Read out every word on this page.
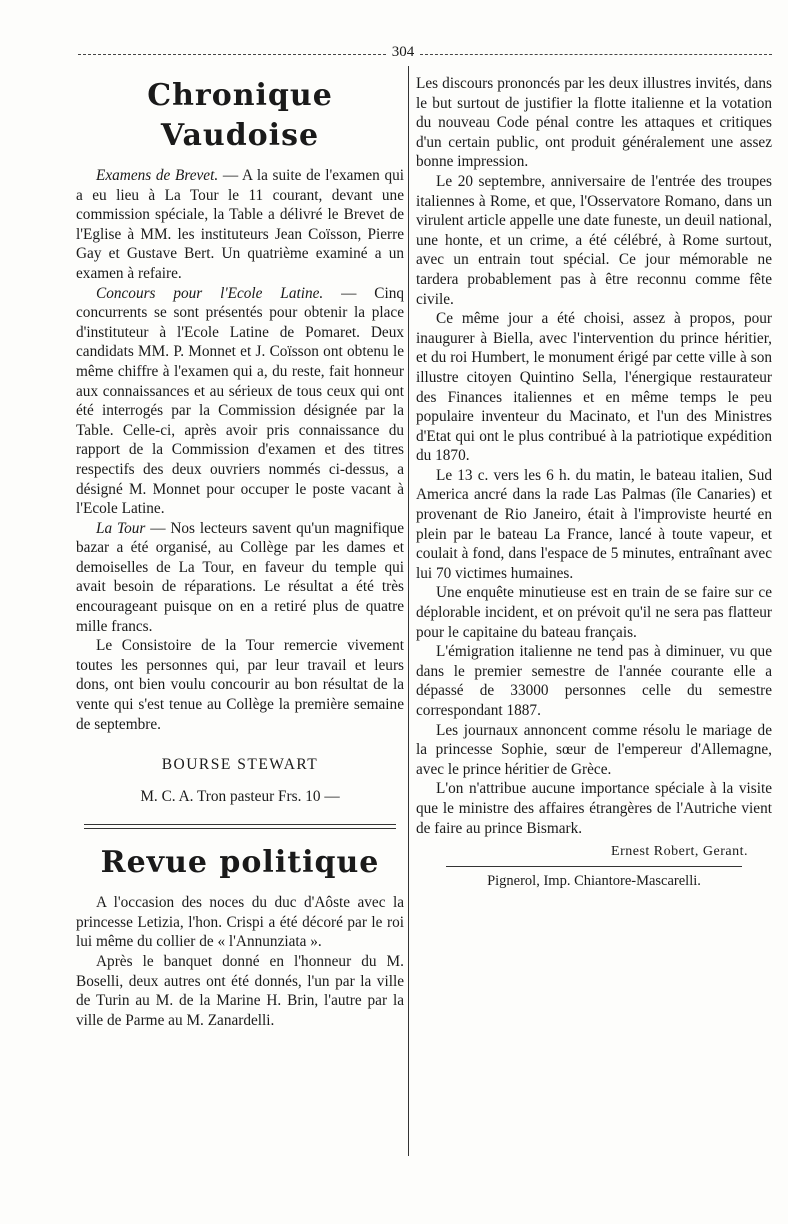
304
Chronique Vaudoise

Examens de Brevet. — A la suite de l'examen qui a eu lieu à La Tour le 11 courant, devant une commission spéciale, la Table a délivré le Brevet de l'Eglise à MM. les instituteurs Jean Coïsson, Pierre Gay et Gustave Bert. Un quatrième examiné a un examen à refaire.

Concours pour l'Ecole Latine. — Cinq concurrents se sont présentés pour obtenir la place d'instituteur à l'Ecole Latine de Pomaret. Deux candidats MM. P. Monnet et J. Coïsson ont obtenu le même chiffre à l'examen qui a, du reste, fait honneur aux connaissances et au sérieux de tous ceux qui ont été interrogés par la Commission désignée par la Table. Celle-ci, après avoir pris connaissance du rapport de la Commission d'examen et des titres respectifs des deux ouvriers nommés ci-dessus, a désigné M. Monnet pour occuper le poste vacant à l'Ecole Latine.

La Tour — Nos lecteurs savent qu'un magnifique bazar a été organisé, au Collège par les dames et demoiselles de La Tour, en faveur du temple qui avait besoin de réparations. Le résultat a été très encourageant puisque on en a retiré plus de quatre mille francs.

Le Consistoire de la Tour remercie vivement toutes les personnes qui, par leur travail et leurs dons, ont bien voulu concourir au bon résultat de la vente qui s'est tenue au Collège la première semaine de septembre.

BOURSE STEWART
M. C. A. Tron pasteur Frs. 10 —
Revue politique

A l'occasion des noces du duc d'Aôste avec la princesse Letizia, l'hon. Crispi a été décoré par le roi lui même du collier de « l'Annunziata ».

Après le banquet donné en l'honneur du M. Boselli, deux autres ont été donnés, l'un par la ville de Turin au M. de la Marine H. Brin, l'autre par la ville de Parme au M. Zanardelli.

Les discours prononcés par les deux illustres invités, dans le but surtout de justifier la flotte italienne et la votation du nouveau Code pénal contre les attaques et critiques d'un certain public, ont produit généralement une assez bonne impression.

Le 20 septembre, anniversaire de l'entrée des troupes italiennes à Rome, et que, l'Osservatore Romano, dans un virulent article appelle une date funeste, un deuil national, une honte, et un crime, a été célébré, à Rome surtout, avec un entrain tout spécial. Ce jour mémorable ne tardera probablement pas à être reconnu comme fête civile.

Ce même jour a été choisi, assez à propos, pour inaugurer à Biella, avec l'intervention du prince héritier, et du roi Humbert, le monument érigé par cette ville à son illustre citoyen Quintino Sella, l'énergique restaurateur des Finances italiennes et en même temps le peu populaire inventeur du Macinato, et l'un des Ministres d'Etat qui ont le plus contribué à la patriotique expédition du 1870.

Le 13 c. vers les 6 h. du matin, le bateau italien, Sud America ancré dans la rade Las Palmas (île Canaries) et provenant de Rio Janeiro, était à l'improviste heurté en plein par le bateau La France, lancé à toute vapeur, et coulait à fond, dans l'espace de 5 minutes, entraînant avec lui 70 victimes humaines.

Une enquête minutieuse est en train de se faire sur ce déplorable incident, et on prévoit qu'il ne sera pas flatteur pour le capitaine du bateau français.

L'émigration italienne ne tend pas à diminuer, vu que dans le premier semestre de l'année courante elle a dépassé de 33000 personnes celle du semestre correspondant 1887.

Les journaux annoncent comme résolu le mariage de la princesse Sophie, sœur de l'empereur d'Allemagne, avec le prince héritier de Grèce.

L'on n'attribue aucune importance spéciale à la visite que le ministre des affaires étrangères de l'Autriche vient de faire au prince Bismark.

Ernest Robert, Gerant.
Pignerol, Imp. Chiantore-Mascarelli.
